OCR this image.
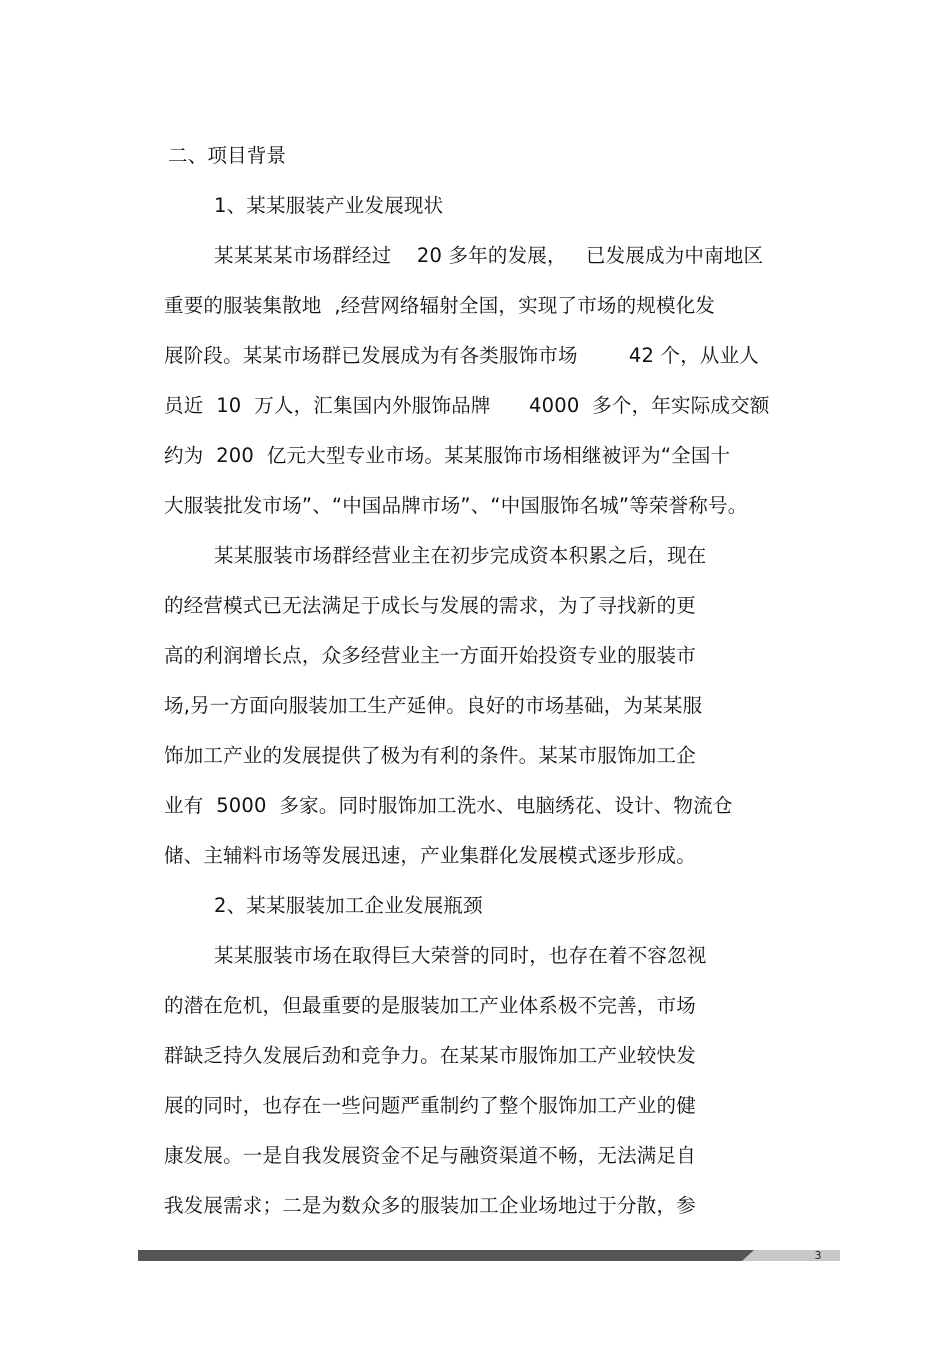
二、项目背景
1、某某服装产业发展现状
某某某某市场群经过    20 多年的发展，   已发展成为中南地区
重要的服装集散地  ,经营网络辐射全国，实现了市场的规模化发
展阶段。某某市场群已发展成为有各类服饰市场        42 个，从业人
员近  10  万人，汇集国内外服饰品牌      4000  多个，年实际成交额
约为  200  亿元大型专业市场。某某服饰市场相继被评为“全国十
大服装批发市场”、“中国品牌市场”、“中国服饰名城”等荣誉称号。
某某服装市场群经营业主在初步完成资本积累之后，现在
的经营模式已无法满足于成长与发展的需求，为了寻找新的更
高的利润增长点，众多经营业主一方面开始投资专业的服装市
场,另一方面向服装加工生产延伸。良好的市场基础，为某某服
饰加工产业的发展提供了极为有利的条件。某某市服饰加工企
业有  5000  多家。同时服饰加工洗水、电脑绣花、设计、物流仓
储、主辅料市场等发展迅速，产业集群化发展模式逐步形成。
2、某某服装加工企业发展瓶颈
某某服装市场在取得巨大荣誉的同时，也存在着不容忽视
的潜在危机，但最重要的是服装加工产业体系极不完善，市场
群缺乏持久发展后劲和竞争力。在某某市服饰加工产业较快发
展的同时，也存在一些问题严重制约了整个服饰加工产业的健
康发展。一是自我发展资金不足与融资渠道不畅，无法满足自
我发展需求；二是为数众多的服装加工企业场地过于分散，参
3
